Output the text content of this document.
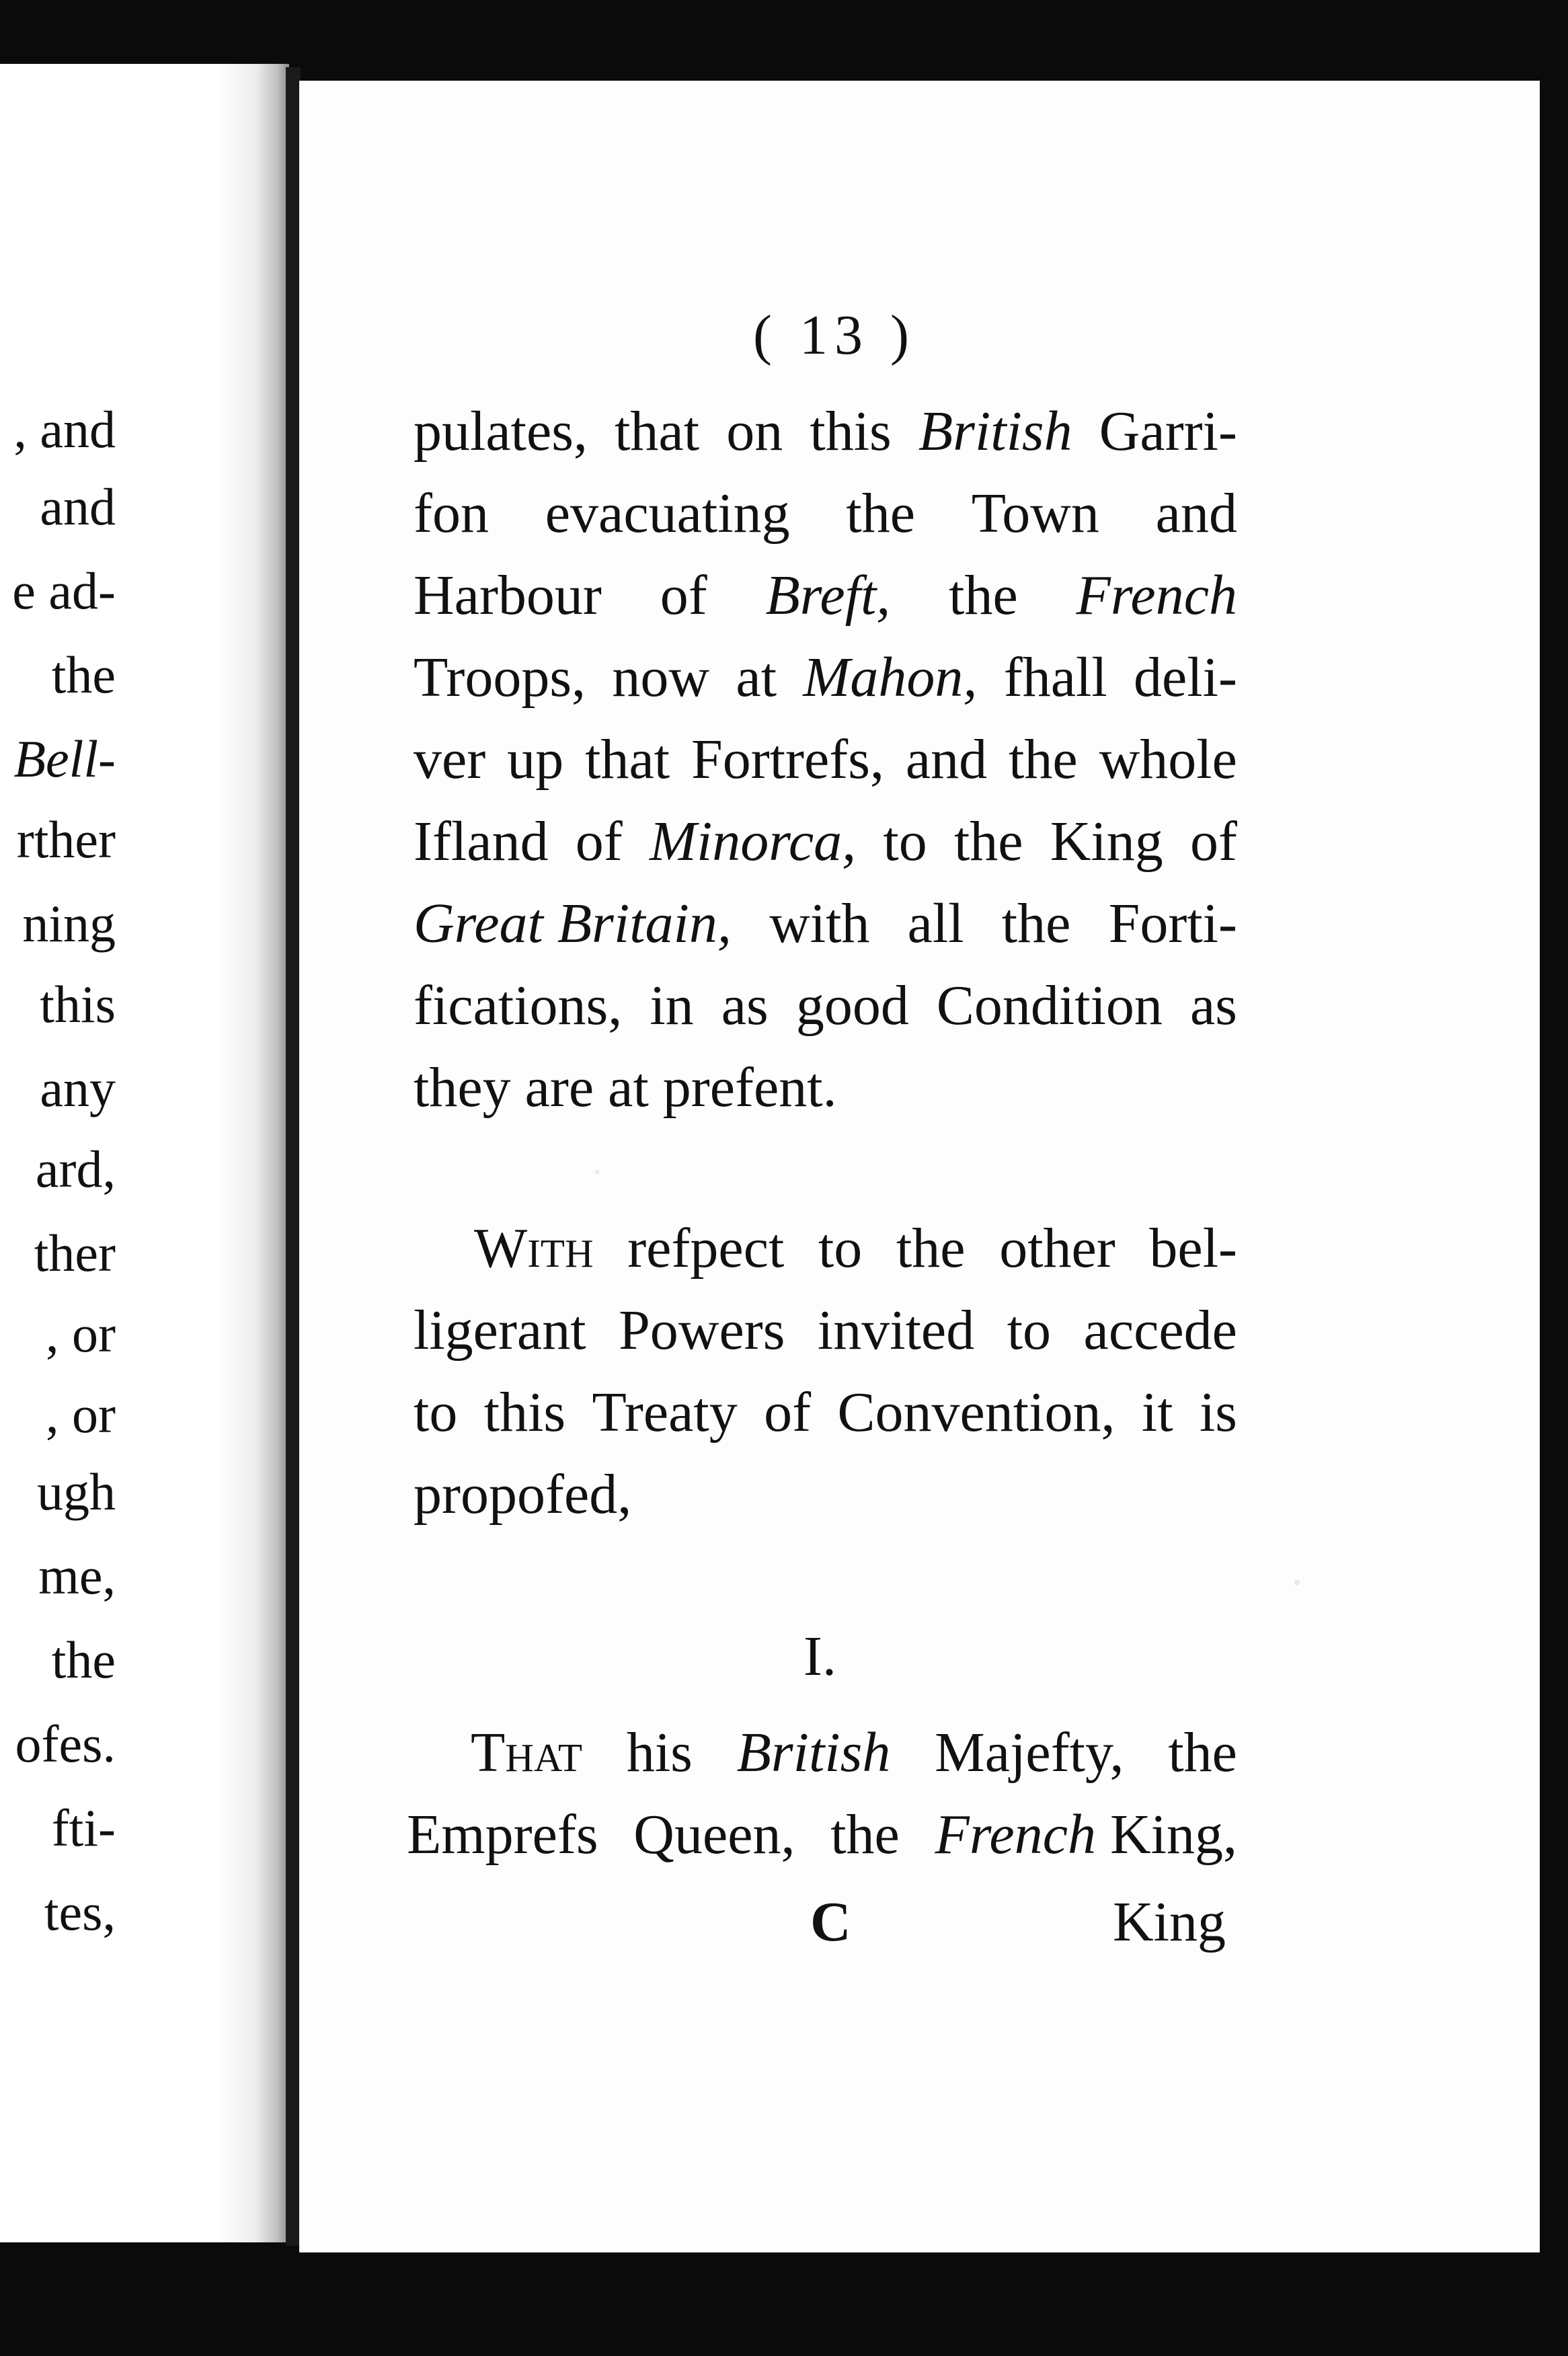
, and
and
e ad-
the
Bell-
rther
ning
this
any
ard,
ther
, or
, or
ugh
me,
the
ofes.
fti-
tes,
( 13 )

pulates, that on this British Garri-

fon evacuating the Town and

Harbour of Breft, the French

Troops, now at Mahon, fhall deli-

ver up that Fortrefs, and the whole

Ifland of Minorca, to the King of

Great Britain, with all the Forti-

fications, in as good Condition as

they are at prefent.

With refpect to the other bel-

ligerant Powers invited to accede

to this Treaty of Convention, it is

propofed,

I.

That his British Majefty, the

Emprefs Queen, the French King,

C	King
